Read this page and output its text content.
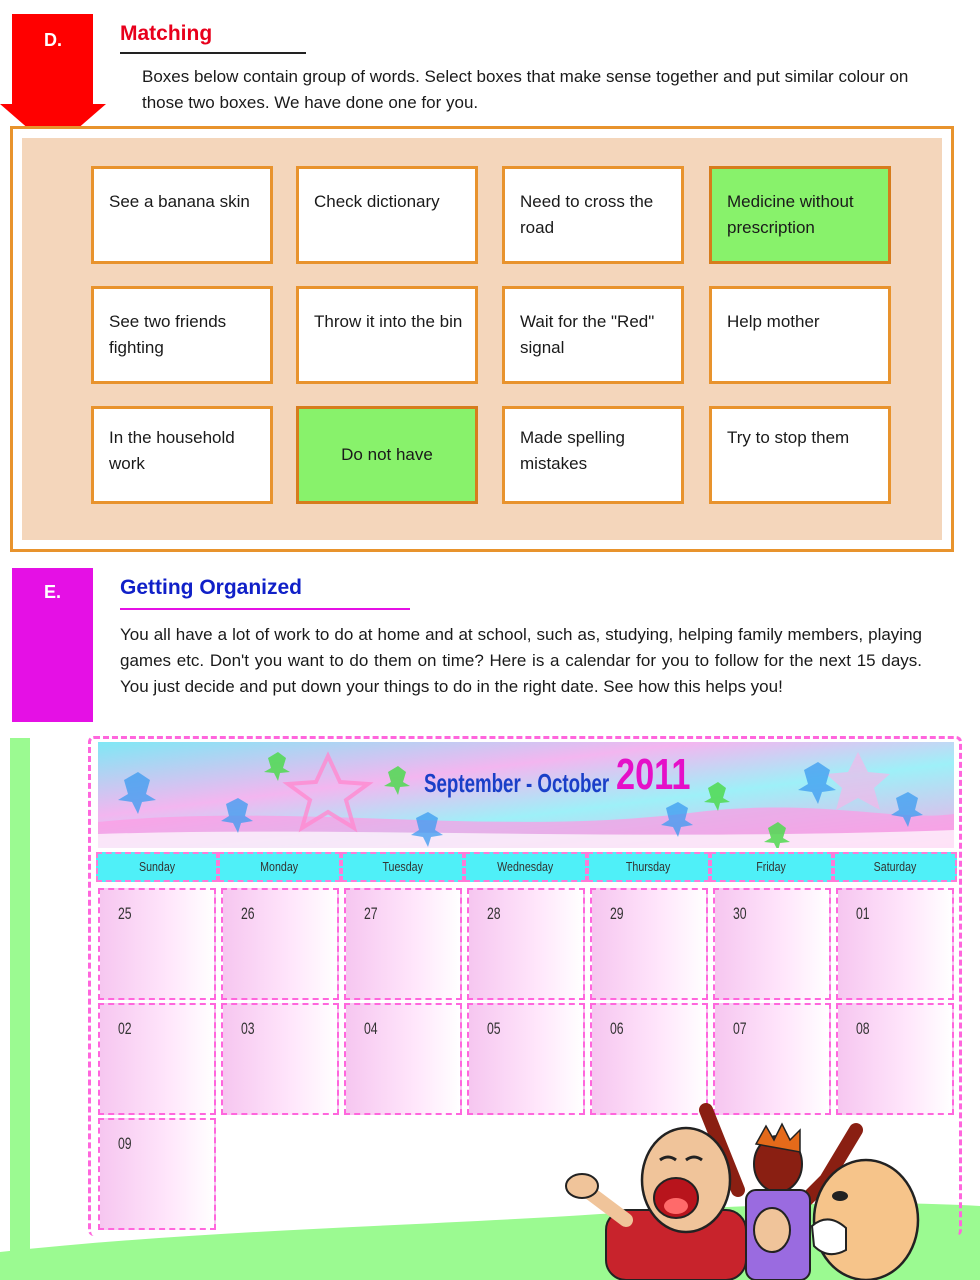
D.	Matching
Boxes below contain group of words. Select boxes that make sense together and put similar colour on those two boxes. We have done one for you.
See a banana skin	Check dictionary	Need to cross the road
Medicine without prescription
See two friends fighting
Throw it into the bin	Wait for the "Red" signal
Help mother
In the household work	Do not have
Made spelling mistakes
Try to stop them
E.	Getting Organized
You all have a lot of work to do at home and at school, such as, studying, helping family members, playing games etc. Don't you want to do them on time? Here is a calendar for you to follow for the next 15 days. You just decide and put down your things to do in the right date. See how this helps you!
September - October 2011
Sunday	Monday	Tuesday	Wednesday	Thursday	Friday	Saturday
25	26	27	28	29	30	01
02	03	04	05	06	07	08
09
